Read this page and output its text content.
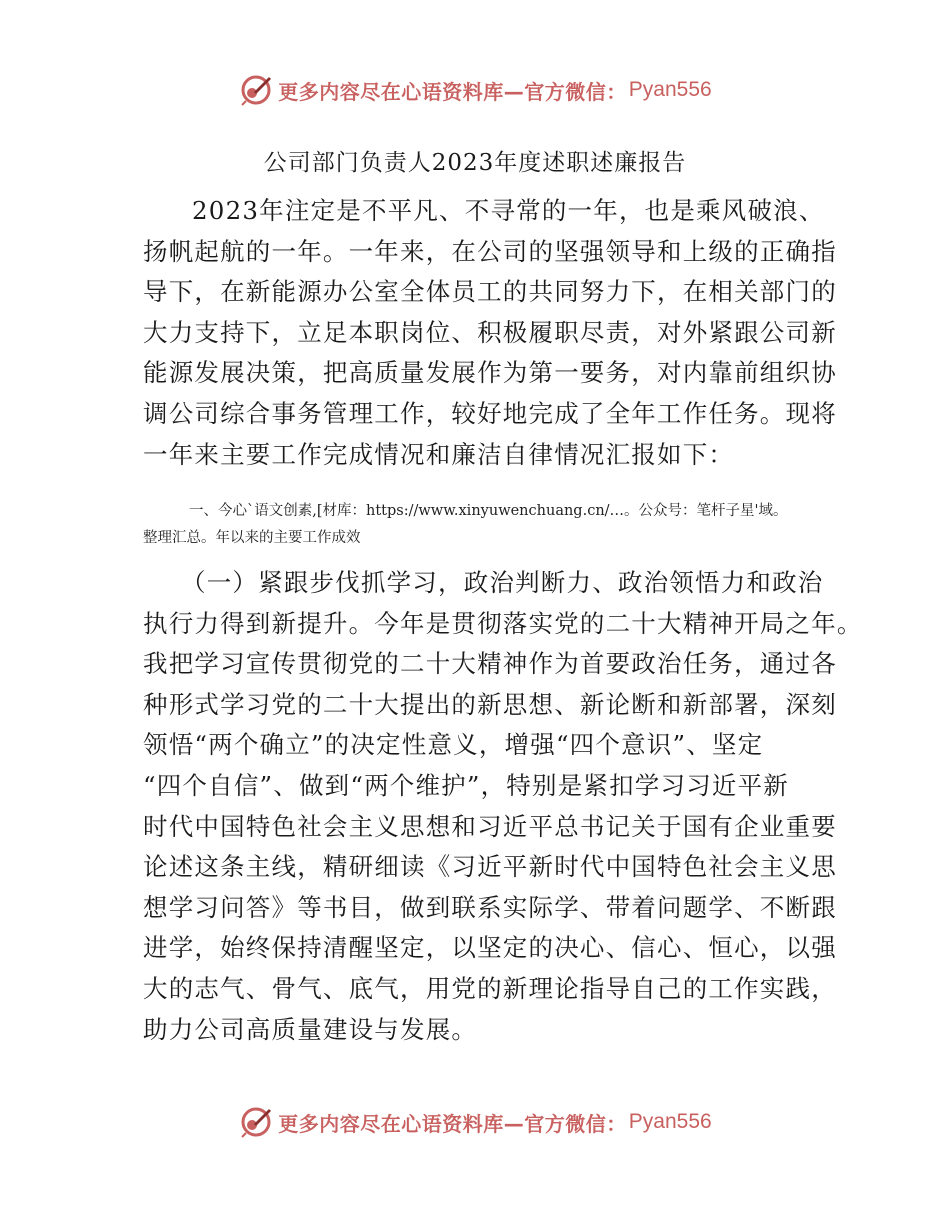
更多内容尽在心语资料库—官方微信： Pyan556
公司部门负责人2023年度述职述廉报告
2023年注定是不平凡、不寻常的一年，也是乘风破浪、
扬帆起航的一年。一年来，在公司的坚强领导和上级的正确指
导下，在新能源办公室全体员工的共同努力下，在相关部门的
大力支持下，立足本职岗位、积极履职尽责，对外紧跟公司新
能源发展决策，把高质量发展作为第一要务，对内靠前组织协
调公司综合事务管理工作，较好地完成了全年工作任务。现将
一年来主要工作完成情况和廉洁自律情况汇报如下：
一、今心`语文创素,[材库：https://www.xinyuwenchuang.cn/…。公众号：笔杆子星'域。
整理汇总。年以来的主要工作成效
（一）紧跟步伐抓学习，政治判断力、政治领悟力和政治
执行力得到新提升。今年是贯彻落实党的二十大精神开局之年。
我把学习宣传贯彻党的二十大精神作为首要政治任务，通过各
种形式学习党的二十大提出的新思想、新论断和新部署，深刻
领悟“两个确立”的决定性意义，增强“四个意识”、坚定
“四个自信”、做到“两个维护”，特别是紧扣学习习近平新
时代中国特色社会主义思想和习近平总书记关于国有企业重要
论述这条主线，精研细读《习近平新时代中国特色社会主义思
想学习问答》等书目，做到联系实际学、带着问题学、不断跟
进学，始终保持清醒坚定，以坚定的决心、信心、恒心，以强
大的志气、骨气、底气，用党的新理论指导自己的工作实践，
助力公司高质量建设与发展。
更多内容尽在心语资料库—官方微信： Pyan556
